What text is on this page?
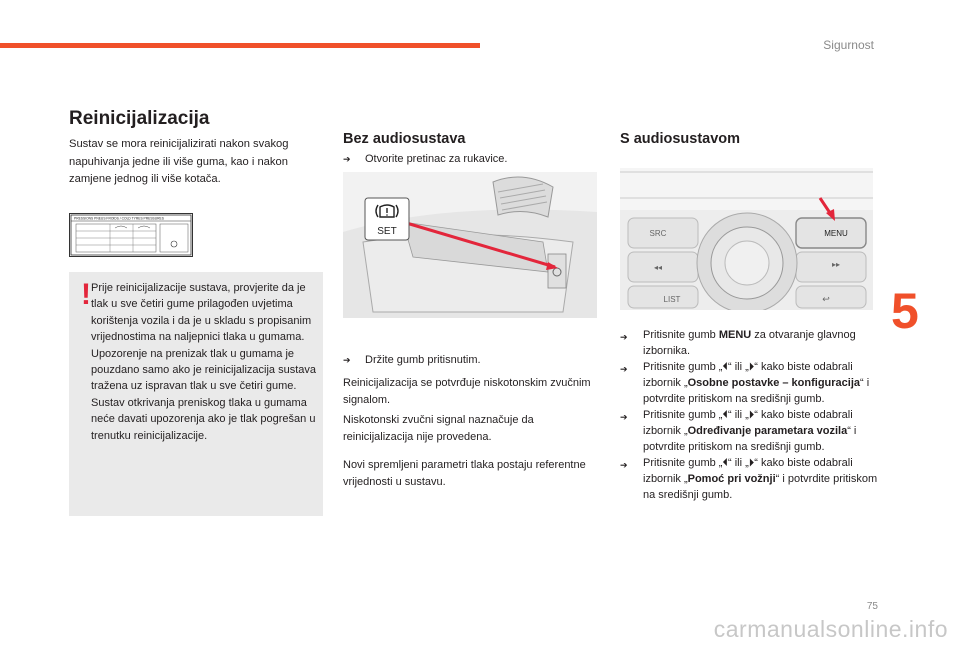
Sigurnost
5
Reinicijalizacija

Sustav se mora reinicijalizirati nakon svakog napuhivanja jedne ili više guma, kao i nakon zamjene jednog ili više kotača.

PRESSIONS PNEUS FROIDS / COLD TYRES PRESSURES
! Prije reinicijalizacije sustava, provjerite da je tlak u sve četiri gume prilagođen uvjetima korištenja vozila i da je u skladu s propisanim vrijednostima na naljepnici tlaka u gumama.

Upozorenje na prenizak tlak u gumama je pouzdano samo ako je reinicijalizacija sustava tražena uz ispravan tlak u sve četiri gume.

Sustav otkrivanja preniskog tlaka u gumama neće davati upozorenja ako je tlak pogrešan u trenutku reinicijalizacije.

Bez audiosustava
➔ Otvorite pretinac za rukavice.
SET
➔ Držite gumb pritisnutim.

Reinicijalizacija se potvrđuje niskotonskim zvučnim signalom.

Niskotonski zvučni signal naznačuje da reinicijalizacija nije provedena.

Novi spremljeni parametri tlaka postaju referentne vrijednosti u sustavu.

S audiosustavom
SRC
◂◂
LIST
MENU
▸▸
↩
➔	Pritisnite gumb MENU za otvaranje glavnog izbornika.
➔	Pritisnite gumb „⏴“ ili „⏵“ kako biste odabrali izbornik „Osobne postavke – konfiguracija“ i potvrdite pritiskom na središnji gumb.
➔	Pritisnite gumb „⏴“ ili „⏵“ kako biste odabrali izbornik „Određivanje parametara vozila“ i potvrdite pritiskom na središnji gumb.
➔	Pritisnite gumb „⏴“ ili „⏵“ kako biste odabrali izbornik „Pomoć pri vožnji“ i potvrdite pritiskom na središnji gumb.
75
carmanualsonline.info
